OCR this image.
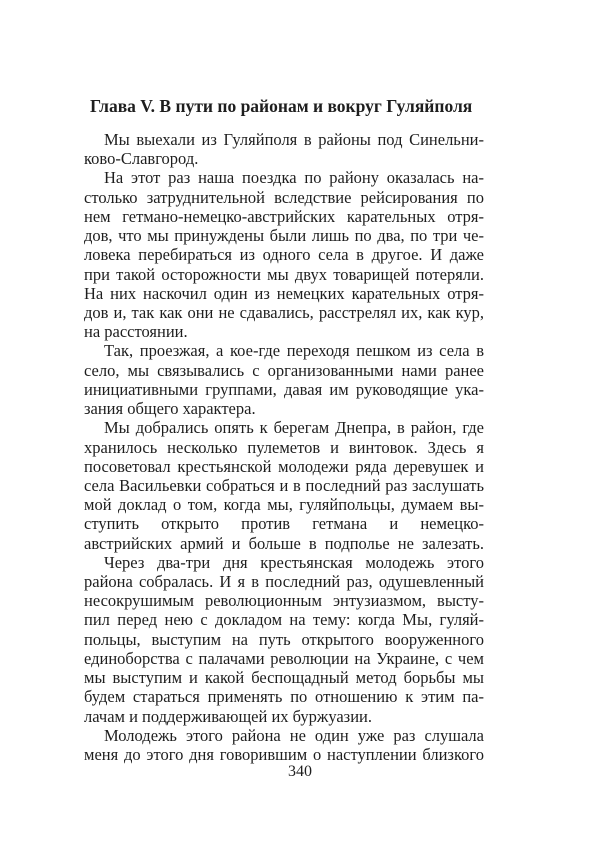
Глава V. В пути по районам и вокруг Гуляйполя
Мы выехали из Гуляйполя в районы под Синельни-
ково-Славгород.
На этот раз наша поездка по району оказалась на-
столько затруднительной вследствие рейсирования по
нем гетмано-немецко-австрийских карательных отря-
дов, что мы принуждены были лишь по два, по три че-
ловека перебираться из одного села в другое. И даже
при такой осторожности мы двух товарищей потеряли.
На них наскочил один из немецких карательных отря-
дов и, так как они не сдавались, расстрелял их, как кур,
на расстоянии.
Так, проезжая, а кое-где переходя пешком из села в
село, мы связывались с организованными нами ранее
инициативными группами, давая им руководящие ука-
зания общего характера.
Мы добрались опять к берегам Днепра, в район, где
хранилось несколько пулеметов и винтовок. Здесь я
посоветовал крестьянской молодежи ряда деревушек и
села Васильевки собраться и в последний раз заслушать
мой доклад о том, когда мы, гуляйпольцы, думаем вы-
ступить открыто против гетмана и немецко-
австрийских армий и больше в подполье не залезать.
Через два-три дня крестьянская молодежь этого
района собралась. И я в последний раз, одушевленный
несокрушимым революционным энтузиазмом, высту-
пил перед нею с докладом на тему: когда Мы, гуляй-
польцы, выступим на путь открытого вооруженного
единоборства с палачами революции на Украине, с чем
мы выступим и какой беспощадный метод борьбы мы
будем стараться применять по отношению к этим па-
лачам и поддерживающей их буржуазии.
Молодежь этого района не один уже раз слушала
меня до этого дня говорившим о наступлении близкого
340
